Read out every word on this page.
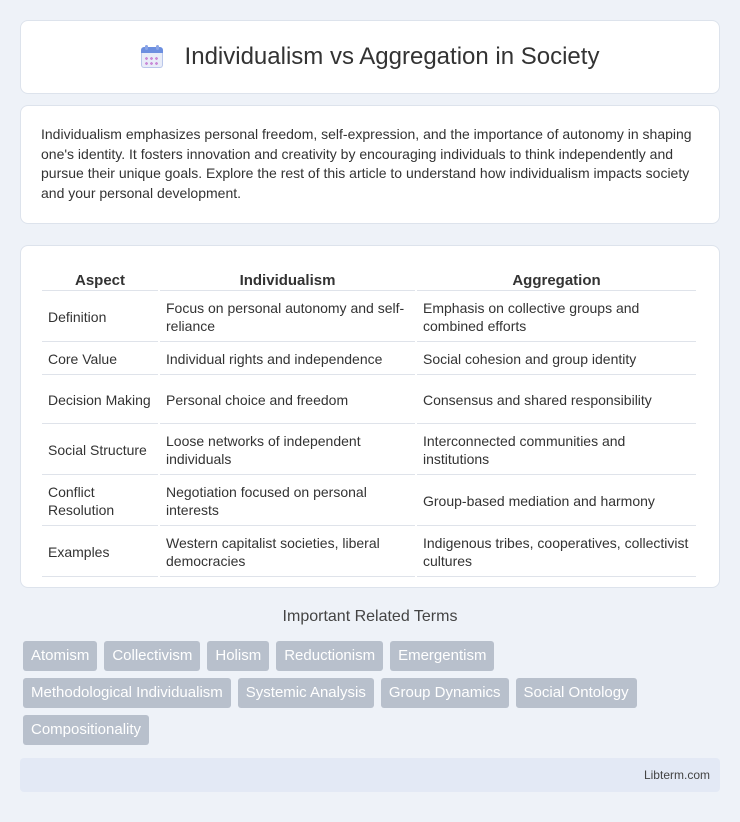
Individualism vs Aggregation in Society

Individualism emphasizes personal freedom, self-expression, and the importance of autonomy in shaping one's identity. It fosters innovation and creativity by encouraging individuals to think independently and pursue their unique goals. Explore the rest of this article to understand how individualism impacts society and your personal development.

Aspect	Individualism	Aggregation
Definition	Focus on personal autonomy and self-reliance	Emphasis on collective groups and combined efforts
Core Value	Individual rights and independence	Social cohesion and group identity
Decision Making	Personal choice and freedom	Consensus and shared responsibility
Social Structure	Loose networks of independent individuals	Interconnected communities and institutions
Conflict Resolution	Negotiation focused on personal interests	Group-based mediation and harmony
Examples	Western capitalist societies, liberal democracies	Indigenous tribes, cooperatives, collectivist cultures
Important Related Terms
Atomism	Collectivism	Holism	Reductionism	Emergentism
Methodological Individualism	Systemic Analysis	Group Dynamics	Social Ontology
Compositionality
Libterm.com
